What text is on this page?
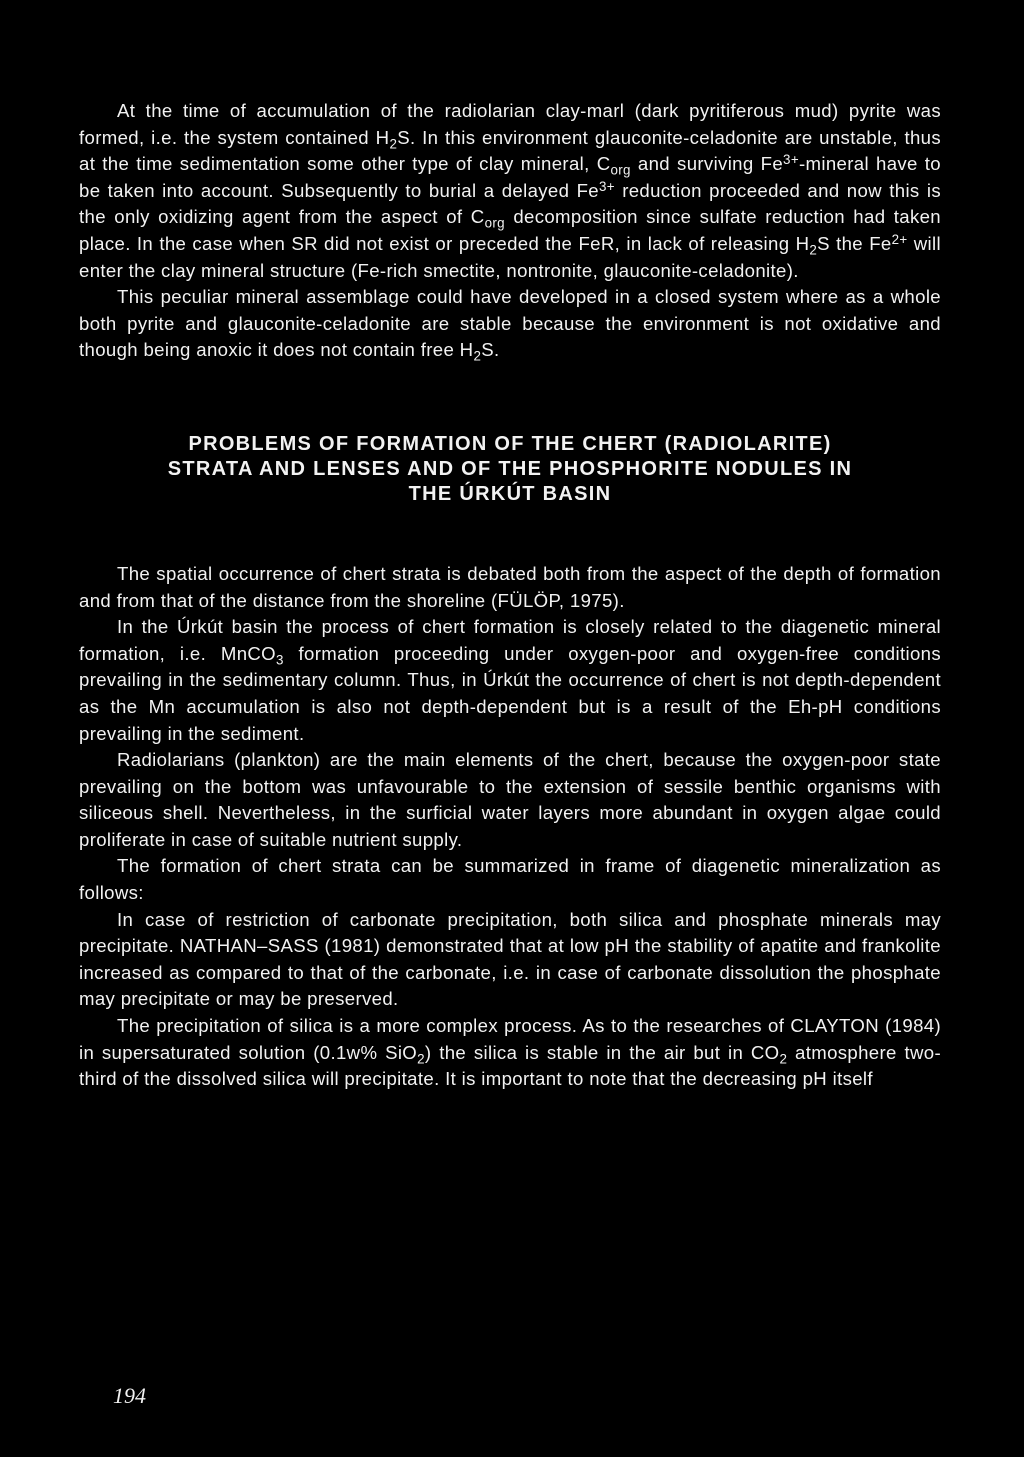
At the time of accumulation of the radiolarian clay-marl (dark pyritiferous mud) pyrite was formed, i.e. the system contained $H_2S$. In this environment glauconite-celadonite are unstable, thus at the time sedimentation some other type of clay mineral, $C_{org}$ and surviving $Fe^{3+}$-mineral have to be taken into account. Subsequently to burial a delayed $Fe^{3+}$ reduction proceeded and now this is the only oxidizing agent from the aspect of $C_{org}$ decomposition since sulfate reduction had taken place. In the case when SR did not exist or preceded the FeR, in lack of releasing $H_2S$ the $Fe^{2+}$ will enter the clay mineral structure (Fe-rich smectite, nontronite, glauconite-celadonite).

This peculiar mineral assemblage could have developed in a closed system where as a whole both pyrite and glauconite-celadonite are stable because the environment is not oxidative and though being anoxic it does not contain free $H_2S$.

PROBLEMS OF FORMATION OF THE CHERT (RADIOLARITE)
STRATA AND LENSES AND OF THE PHOSPHORITE NODULES IN
THE ÚRKÚT BASIN

The spatial occurrence of chert strata is debated both from the aspect of the depth of formation and from that of the distance from the shoreline (FÜLÖP, 1975).

In the Úrkút basin the process of chert formation is closely related to the diagenetic mineral formation, i.e. MnCO$_3$ formation proceeding under oxygen-poor and oxygen-free conditions prevailing in the sedimentary column. Thus, in Úrkút the occurrence of chert is not depth-dependent as the Mn accumulation is also not depth-dependent but is a result of the Eh-pH conditions prevailing in the sediment.

Radiolarians (plankton) are the main elements of the chert, because the oxygen-poor state prevailing on the bottom was unfavourable to the extension of sessile benthic organisms with siliceous shell. Nevertheless, in the surficial water layers more abundant in oxygen algae could proliferate in case of suitable nutrient supply.

The formation of chert strata can be summarized in frame of diagenetic mineralization as follows:

In case of restriction of carbonate precipitation, both silica and phosphate minerals may precipitate. NATHAN–SASS (1981) demonstrated that at low pH the stability of apatite and frankolite increased as compared to that of the carbonate, i.e. in case of carbonate dissolution the phosphate may precipitate or may be preserved.

The precipitation of silica is a more complex process. As to the researches of CLAYTON (1984) in supersaturated solution (0.1w% SiO$_2$) the silica is stable in the air but in $CO_2$ atmosphere two-third of the dissolved silica will precipitate. It is important to note that the decreasing pH itself

194
